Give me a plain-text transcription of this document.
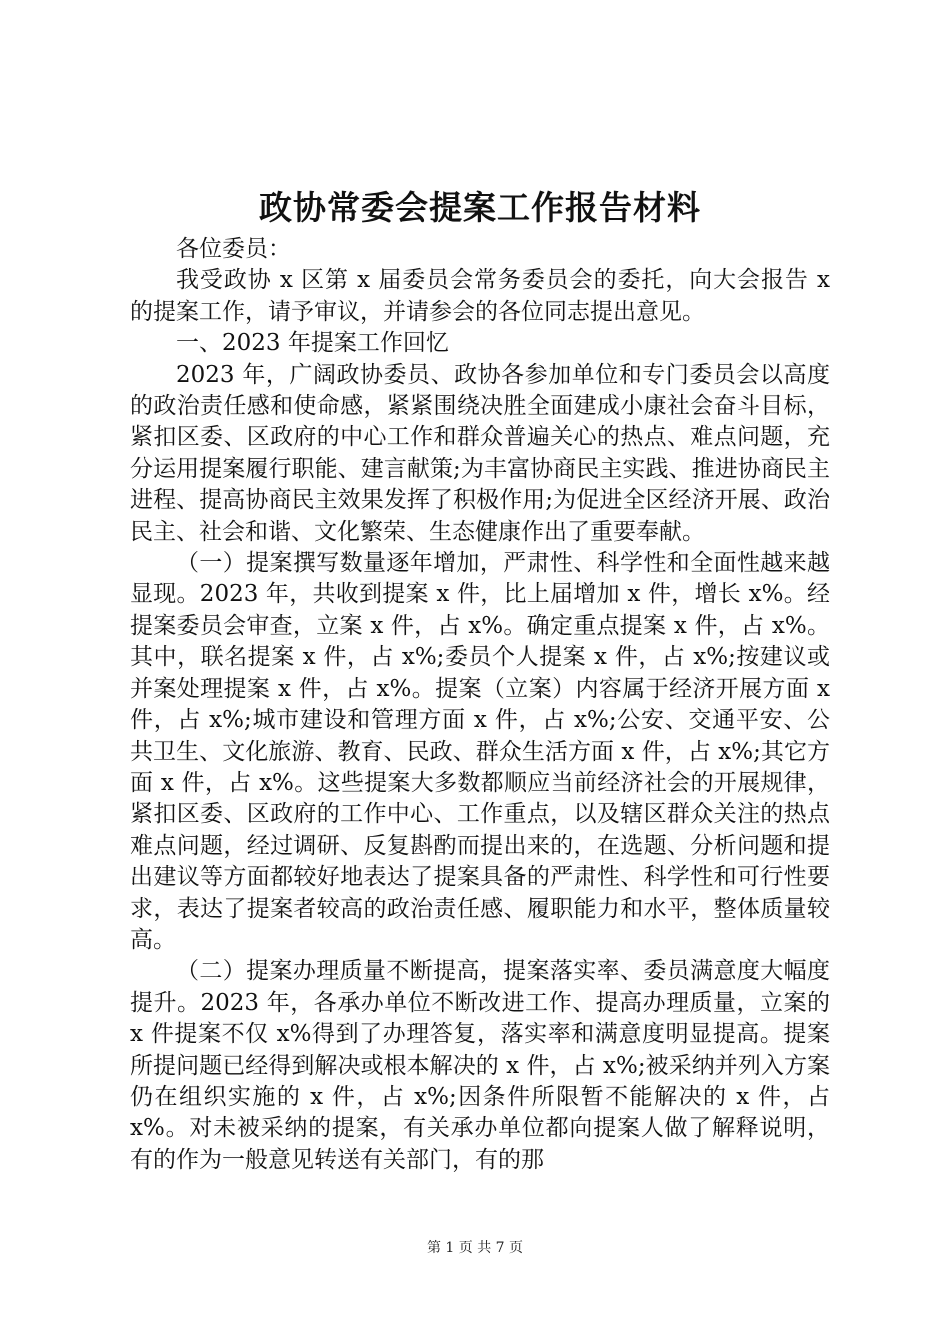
政协常委会提案工作报告材料

各位委员：

我受政协 x 区第 x 届委员会常务委员会的委托，向大会报告 x 的提案工作，请予审议，并请参会的各位同志提出意见。

一、2023 年提案工作回忆

2023 年，广阔政协委员、政协各参加单位和专门委员会以高度的政治责任感和使命感，紧紧围绕决胜全面建成小康社会奋斗目标，紧扣区委、区政府的中心工作和群众普遍关心的热点、难点问题，充分运用提案履行职能、建言献策;为丰富协商民主实践、推进协商民主进程、提高协商民主效果发挥了积极作用;为促进全区经济开展、政治民主、社会和谐、文化繁荣、生态健康作出了重要奉献。

（一）提案撰写数量逐年增加，严肃性、科学性和全面性越来越显现。2023 年，共收到提案 x 件，比上届增加 x 件，增长 x%。经提案委员会审查，立案 x 件，占 x%。确定重点提案 x 件，占 x%。其中，联名提案 x 件，占 x%;委员个人提案 x 件，占 x%;按建议或并案处理提案 x 件，占 x%。提案（立案）内容属于经济开展方面 x 件，占 x%;城市建设和管理方面 x 件，占 x%;公安、交通平安、公共卫生、文化旅游、教育、民政、群众生活方面 x 件，占 x%;其它方面 x 件，占 x%。这些提案大多数都顺应当前经济社会的开展规律，紧扣区委、区政府的工作中心、工作重点，以及辖区群众关注的热点难点问题，经过调研、反复斟酌而提出来的，在选题、分析问题和提出建议等方面都较好地表达了提案具备的严肃性、科学性和可行性要求，表达了提案者较高的政治责任感、履职能力和水平，整体质量较高。

（二）提案办理质量不断提高，提案落实率、委员满意度大幅度提升。2023 年，各承办单位不断改进工作、提高办理质量，立案的 x 件提案不仅 x%得到了办理答复，落实率和满意度明显提高。提案所提问题已经得到解决或根本解决的 x 件，占 x%;被采纳并列入方案仍在组织实施的 x 件，占 x%;因条件所限暂不能解决的 x 件，占 x%。对未被采纳的提案，有关承办单位都向提案人做了解释说明，有的作为一般意见转送有关部门，有的那

第 1 页 共 7 页
